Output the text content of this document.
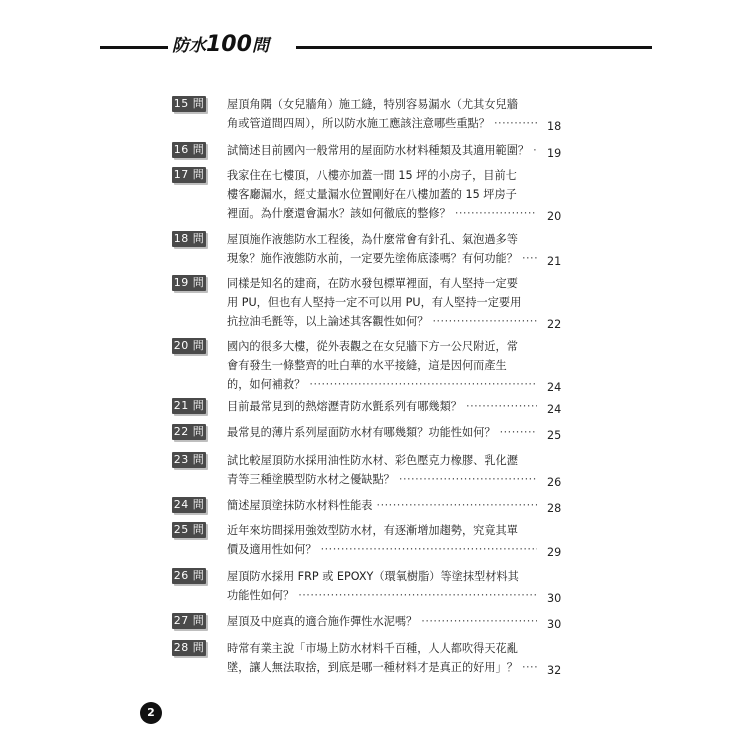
防水100問
15 問 屋頂角隅（女兒牆角）施工縫，特別容易漏水（尤其女兒牆
角或管道間四周），所以防水施工應該注意哪些重點？ ·····	18
16 問 試簡述目前國內一般常用的屋面防水材料種類及其適用範圍？ ·····	19
17 問 我家住在七樓頂，八樓亦加蓋一間 15 坪的小房子，目前七
樓客廳漏水，經丈量漏水位置剛好在八樓加蓋的 15 坪房子
裡面。為什麼還會漏水？該如何徹底的整修？ ·····	20
18 問 屋頂施作液態防水工程後，為什麼常會有針孔、氣泡過多等
現象？施作液態防水前，一定要先塗佈底漆嗎？有何功能？ ·····	21
19 問 同樣是知名的建商，在防水發包標單裡面，有人堅持一定要
用 PU，但也有人堅持一定不可以用 PU，有人堅持一定要用
抗拉油毛氈等，以上論述其客觀性如何？ ·····	22
20 問 國內的很多大樓，從外表觀之在女兒牆下方一公尺附近，常
會有發生一條整齊的吐白華的水平接縫，這是因何而產生
的，如何補救？ ·····	24
21 問 目前最常見到的熱熔瀝青防水氈系列有哪幾類？ ·····	24
22 問 最常見的薄片系列屋面防水材有哪幾類？功能性如何？ ·····	25
23 問 試比較屋頂防水採用油性防水材、彩色壓克力橡膠、乳化瀝
青等三種塗膜型防水材之優缺點？ ·····	26
24 問 簡述屋頂塗抹防水材料性能表 ·····	28
25 問 近年來坊間採用強效型防水材，有逐漸增加趨勢，究竟其單
價及適用性如何？ ·····	29
26 問 屋頂防水採用 FRP 或 EPOXY（環氧樹脂）等塗抹型材料其
功能性如何？ ·····	30
27 問 屋頂及中庭真的適合施作彈性水泥嗎？ ·····	30
28 問 時常有業主說「市場上防水材料千百種，人人都吹得天花亂
墜，讓人無法取捨，到底是哪一種材料才是真正的好用」？ ·····	32
2
